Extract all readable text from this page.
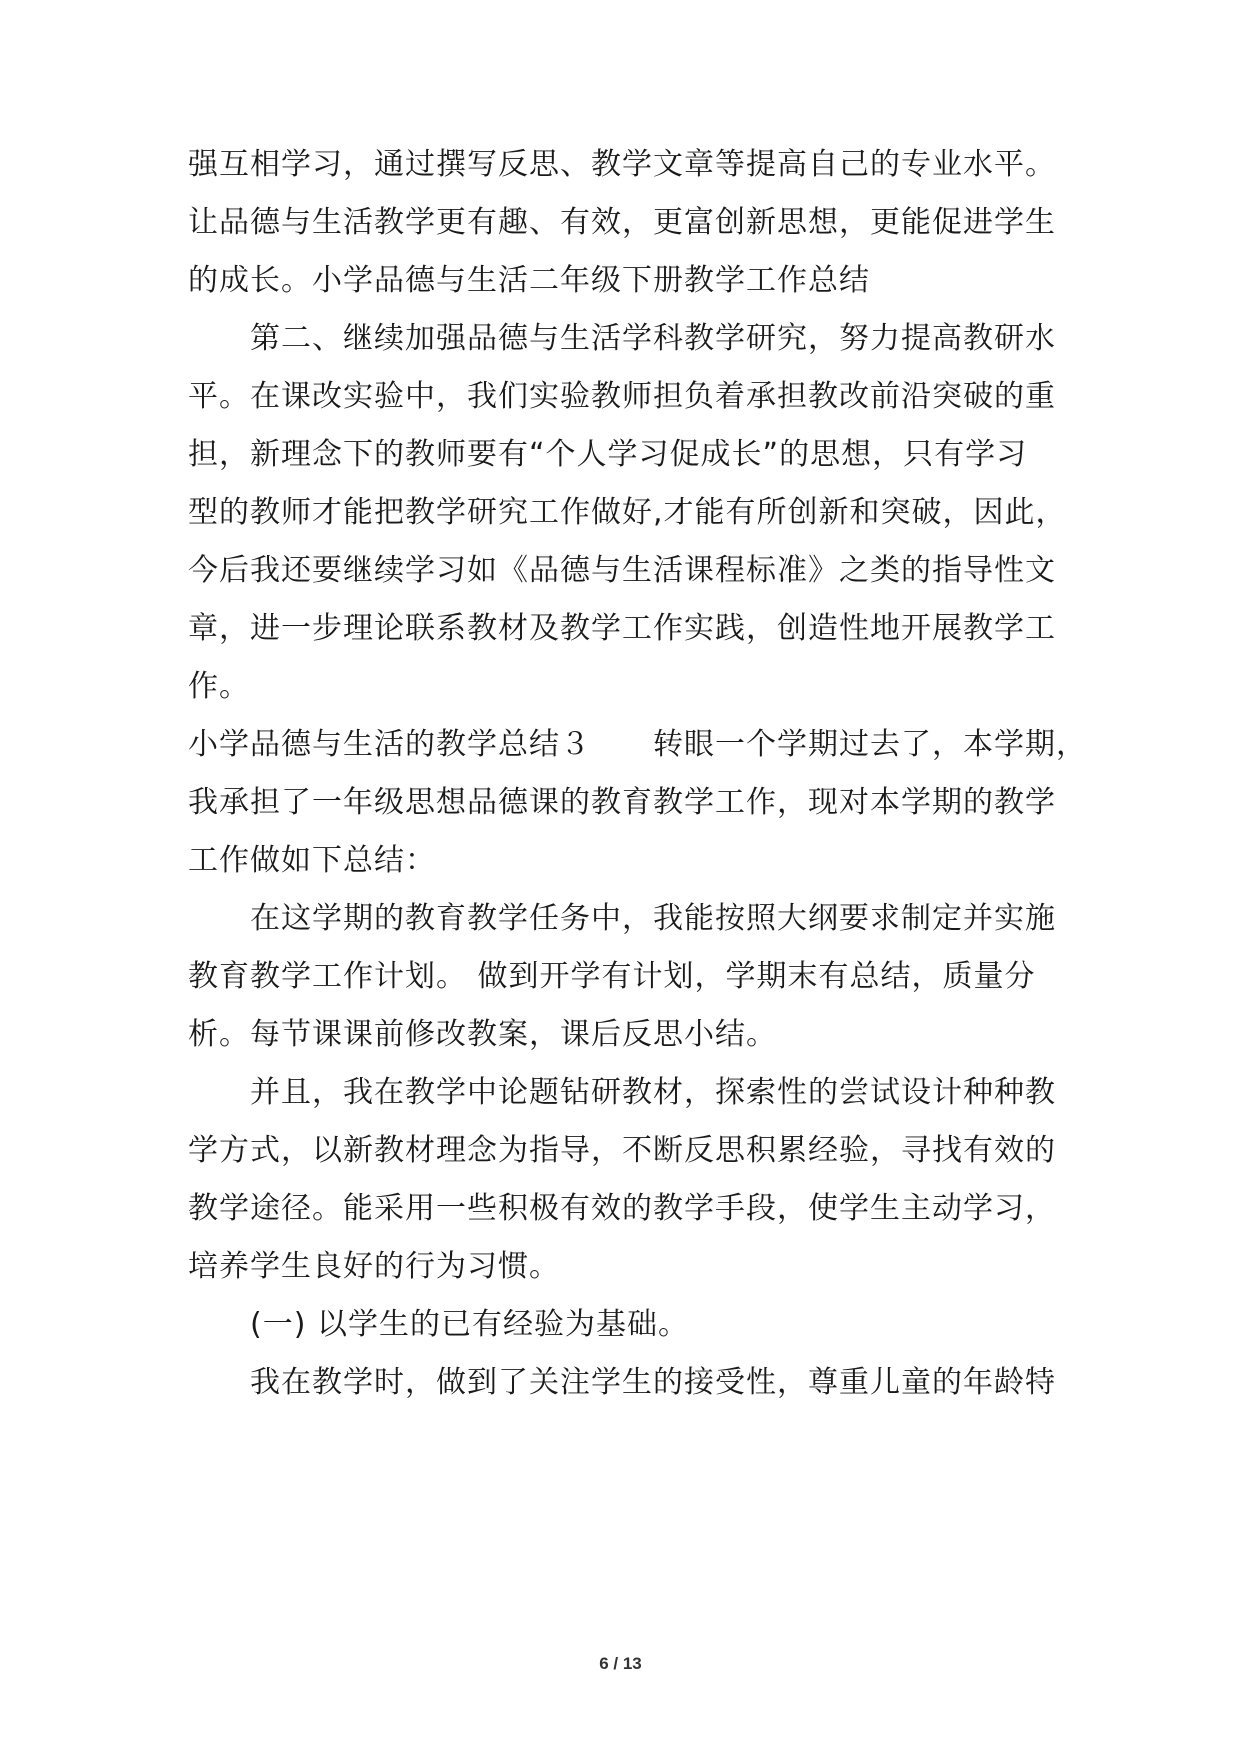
强互相学习，通过撰写反思、教学文章等提高自己的专业水平。
让品德与生活教学更有趣、有效，更富创新思想，更能促进学生
的成长。小学品德与生活二年级下册教学工作总结
第二、继续加强品德与生活学科教学研究，努力提高教研水
平。在课改实验中，我们实验教师担负着承担教改前沿突破的重
担，新理念下的教师要有“个人学习促成长”的思想，只有学习
型的教师才能把教学研究工作做好,才能有所创新和突破，因此，
今后我还要继续学习如《品德与生活课程标准》之类的指导性文
章，进一步理论联系教材及教学工作实践，创造性地开展教学工
作。
小学品德与生活的教学总结３　　转眼一个学期过去了，本学期，
我承担了一年级思想品德课的教育教学工作，现对本学期的教学
工作做如下总结：
在这学期的教育教学任务中，我能按照大纲要求制定并实施
教育教学工作计划。 做到开学有计划，学期末有总结，质量分
析。每节课课前修改教案，课后反思小结。
并且，我在教学中论题钻研教材，探索性的尝试设计种种教
学方式，以新教材理念为指导，不断反思积累经验，寻找有效的
教学途径。能采用一些积极有效的教学手段，使学生主动学习，
培养学生良好的行为习惯。
(一) 以学生的已有经验为基础。
我在教学时，做到了关注学生的接受性，尊重儿童的年龄特
6 / 13
